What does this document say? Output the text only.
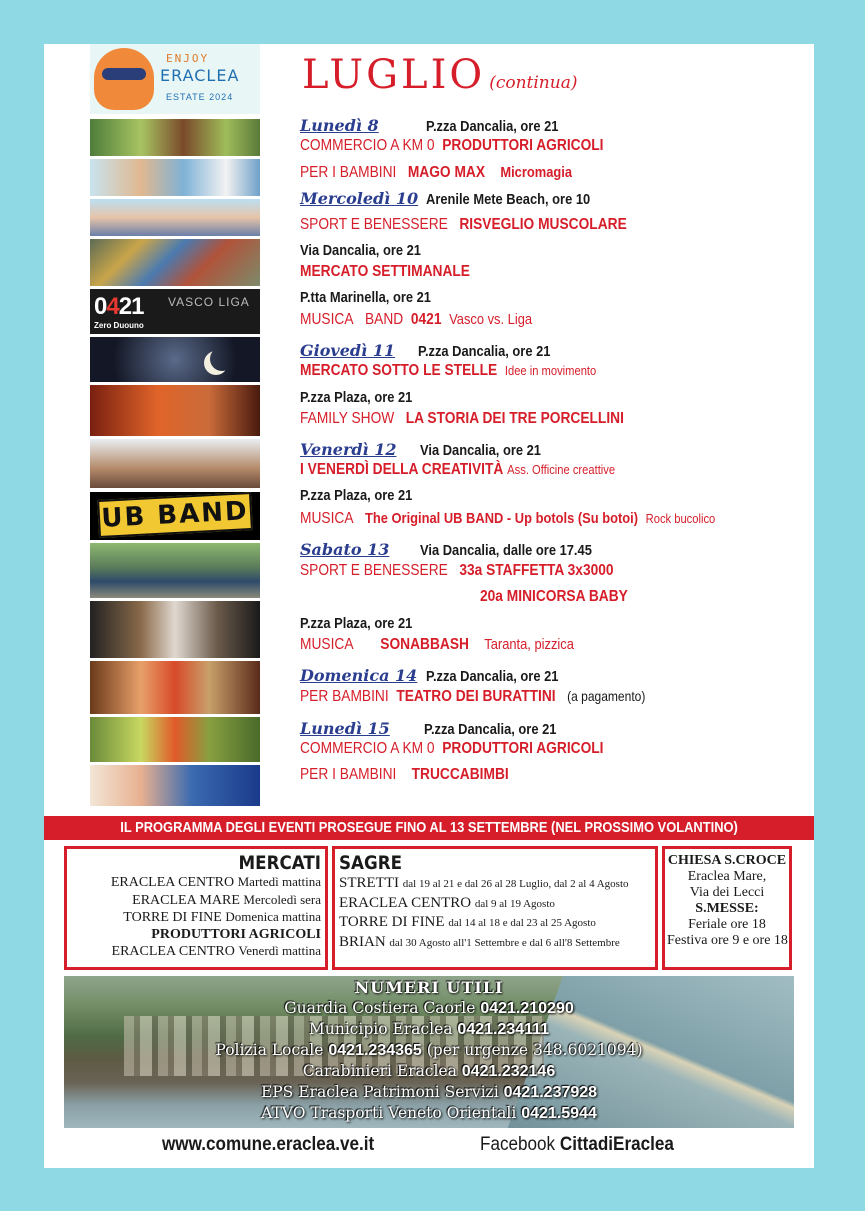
ENJOY
ERACLEA
ESTATE 2024
0421
Zero Duouno
VASCO LIGA
UB BAND
LUGLIO (continua)
Lunedì 8	P.zza Dancalia, ore 21
COMMERCIO A KM 0 PRODUTTORI AGRICOLI
PER I BAMBINI MAGO MAX Micromagia
Mercoledì 10 Arenile Mete Beach, ore 10
SPORT E BENESSERE RISVEGLIO MUSCOLARE
Via Dancalia, ore 21
MERCATO SETTIMANALE
P.tta Marinella, ore 21
MUSICA BAND 0421 Vasco vs. Liga
Giovedì 11 P.zza Dancalia, ore 21
MERCATO SOTTO LE STELLE Idee in movimento
P.zza Plaza, ore 21
FAMILY SHOW LA STORIA DEI TRE PORCELLINI
Venerdì 12 Via Dancalia, ore 21
I VENERDÌ DELLA CREATIVITÀ Ass. Officine creattive
P.zza Plaza, ore 21
MUSICA The Original UB BAND - Up botols (Su botoi) Rock bucolico
Sabato 13 Via Dancalia, dalle ore 17.45
SPORT E BENESSERE 33a STAFFETTA 3x3000
20a MINICORSA BABY
P.zza Plaza, ore 21
MUSICA SONABBASH Taranta, pizzica
Domenica 14 P.zza Dancalia, ore 21
PER BAMBINI TEATRO DEI BURATTINI (a pagamento)
Lunedì 15 P.zza Dancalia, ore 21
COMMERCIO A KM 0 PRODUTTORI AGRICOLI
PER I BAMBINI TRUCCABIMBI
IL PROGRAMMA DEGLI EVENTI PROSEGUE FINO AL 13 SETTEMBRE (NEL PROSSIMO VOLANTINO)
MERCATI
ERACLEA CENTRO Martedì mattina
ERACLEA MARE Mercoledì sera
TORRE DI FINE Domenica mattina
PRODUTTORI AGRICOLI
ERACLEA CENTRO Venerdì mattina
SAGRE
STRETTI dal 19 al 21 e dal 26 al 28 Luglio, dal 2 al 4 Agosto
ERACLEA CENTRO dal 9 al 19 Agosto
TORRE DI FINE dal 14 al 18 e dal 23 al 25 Agosto
BRIAN dal 30 Agosto all'1 Settembre e dal 6 all'8 Settembre
CHIESA S.CROCE
Eraclea Mare,
Via dei Lecci
S.MESSE:
Feriale ore 18
Festiva ore 9 e ore 18
NUMERI UTILI
Guardia Costiera Caorle 0421.210290
Municipio Eraclea 0421.234111
Polizia Locale 0421.234365 (per urgenze 348.6021094)
Carabinieri Eraclea 0421.232146
EPS Eraclea Patrimoni Servizi 0421.237928
ATVO Trasporti Veneto Orientali 0421.5944
www.comune.eraclea.ve.it	Facebook CittadiEraclea
